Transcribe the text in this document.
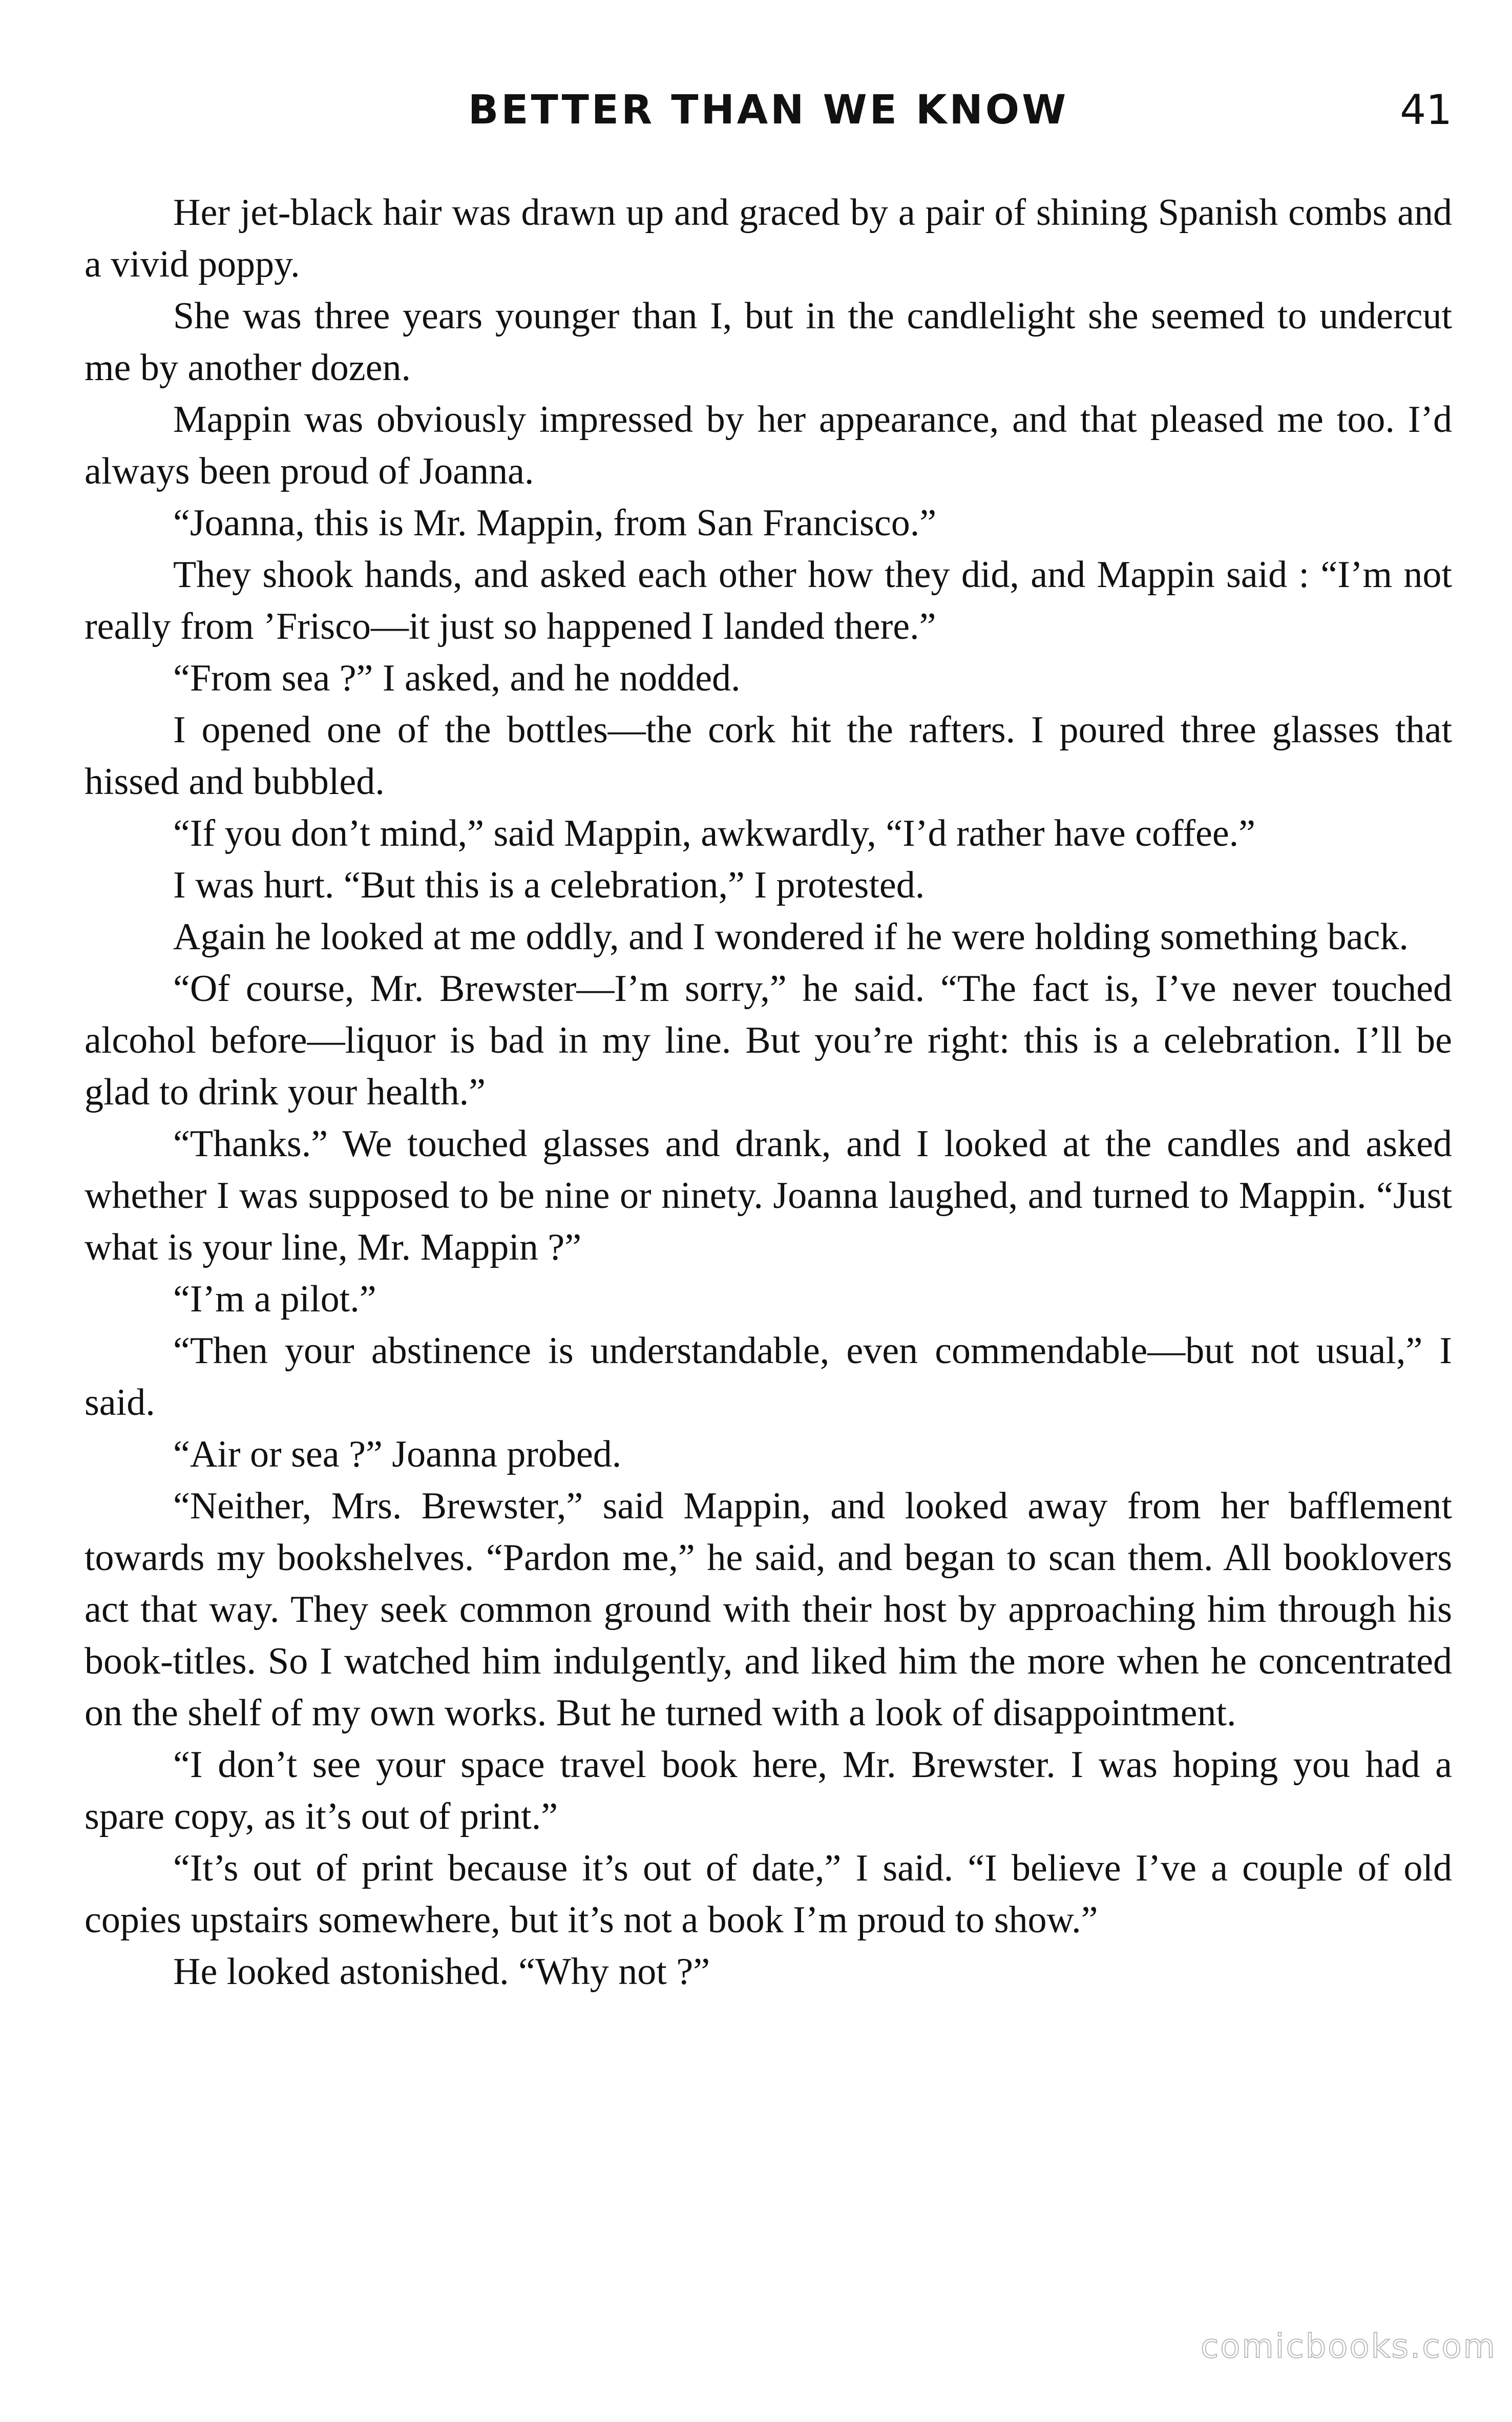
BETTER THAN WE KNOW	41

Her jet-black hair was drawn up and graced by a pair of shining Spanish combs and a vivid poppy.

She was three years younger than I, but in the candlelight she seemed to undercut me by another dozen.

Mappin was obviously impressed by her appearance, and that pleased me too. I’d always been proud of Joanna.

“Joanna, this is Mr. Mappin, from San Francisco.”

They shook hands, and asked each other how they did, and Mappin said : “I’m not really from ’Frisco—it just so happened I landed there.”

“From sea ?” I asked, and he nodded.

I opened one of the bottles—the cork hit the rafters. I poured three glasses that hissed and bubbled.

“If you don’t mind,” said Mappin, awkwardly, “I’d rather have coffee.”

I was hurt. “But this is a celebration,” I protested.

Again he looked at me oddly, and I wondered if he were holding something back.

“Of course, Mr. Brewster—I’m sorry,” he said. “The fact is, I’ve never touched alcohol before—liquor is bad in my line. But you’re right: this is a celebration. I’ll be glad to drink your health.”

“Thanks.” We touched glasses and drank, and I looked at the candles and asked whether I was supposed to be nine or ninety. Joanna laughed, and turned to Mappin. “Just what is your line, Mr. Mappin ?”

“I’m a pilot.”

“Then your abstinence is understandable, even commendable—but not usual,” I said.

“Air or sea ?” Joanna probed.

“Neither, Mrs. Brewster,” said Mappin, and looked away from her bafflement towards my bookshelves. “Pardon me,” he said, and began to scan them. All booklovers act that way. They seek common ground with their host by approaching him through his book-titles. So I watched him indulgently, and liked him the more when he concentrated on the shelf of my own works. But he turned with a look of disappointment.

“I don’t see your space travel book here, Mr. Brewster. I was hoping you had a spare copy, as it’s out of print.”

“It’s out of print because it’s out of date,” I said. “I believe I’ve a couple of old copies upstairs somewhere, but it’s not a book I’m proud to show.”

He looked astonished. “Why not ?”

comicbooks.com
